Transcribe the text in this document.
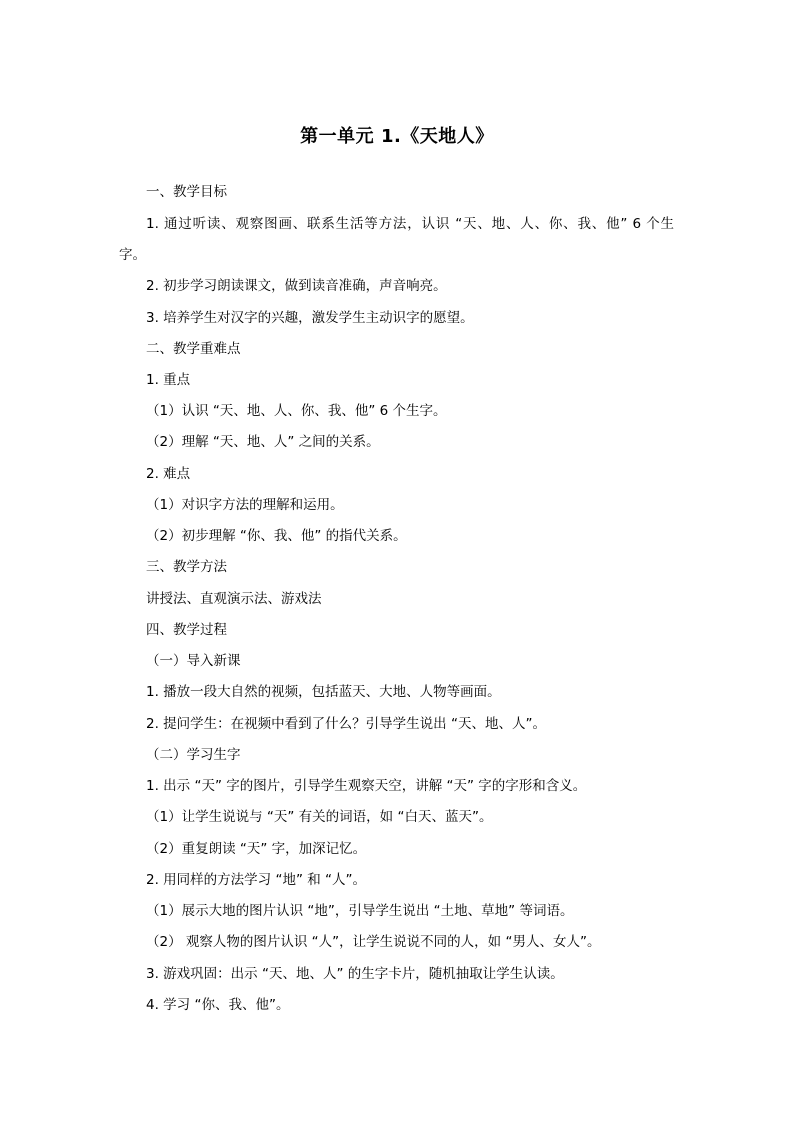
第一单元 1.《天地人》
一、教学目标
1. 通过听读、观察图画、联系生活等方法，认识 “天、地、人、你、我、他” 6 个生
字。
2. 初步学习朗读课文，做到读音准确，声音响亮。
3. 培养学生对汉字的兴趣，激发学生主动识字的愿望。
二、教学重难点
1. 重点
（1）认识 “天、地、人、你、我、他” 6 个生字。
（2）理解 “天、地、人” 之间的关系。
2. 难点
（1）对识字方法的理解和运用。
（2）初步理解 “你、我、他” 的指代关系。
三、教学方法
讲授法、直观演示法、游戏法
四、教学过程
（一）导入新课
1. 播放一段大自然的视频，包括蓝天、大地、人物等画面。
2. 提问学生：在视频中看到了什么？引导学生说出 “天、地、人”。
（二）学习生字
1. 出示 “天” 字的图片，引导学生观察天空，讲解 “天” 字的字形和含义。
（1）让学生说说与 “天” 有关的词语，如 “白天、蓝天”。
（2）重复朗读 “天” 字，加深记忆。
2. 用同样的方法学习 “地” 和 “人”。
（1）展示大地的图片认识 “地”，引导学生说出 “土地、草地” 等词语。
（2） 观察人物的图片认识 “人”，让学生说说不同的人，如 “男人、女人”。
3. 游戏巩固：出示 “天、地、人” 的生字卡片，随机抽取让学生认读。
4. 学习 “你、我、他”。
